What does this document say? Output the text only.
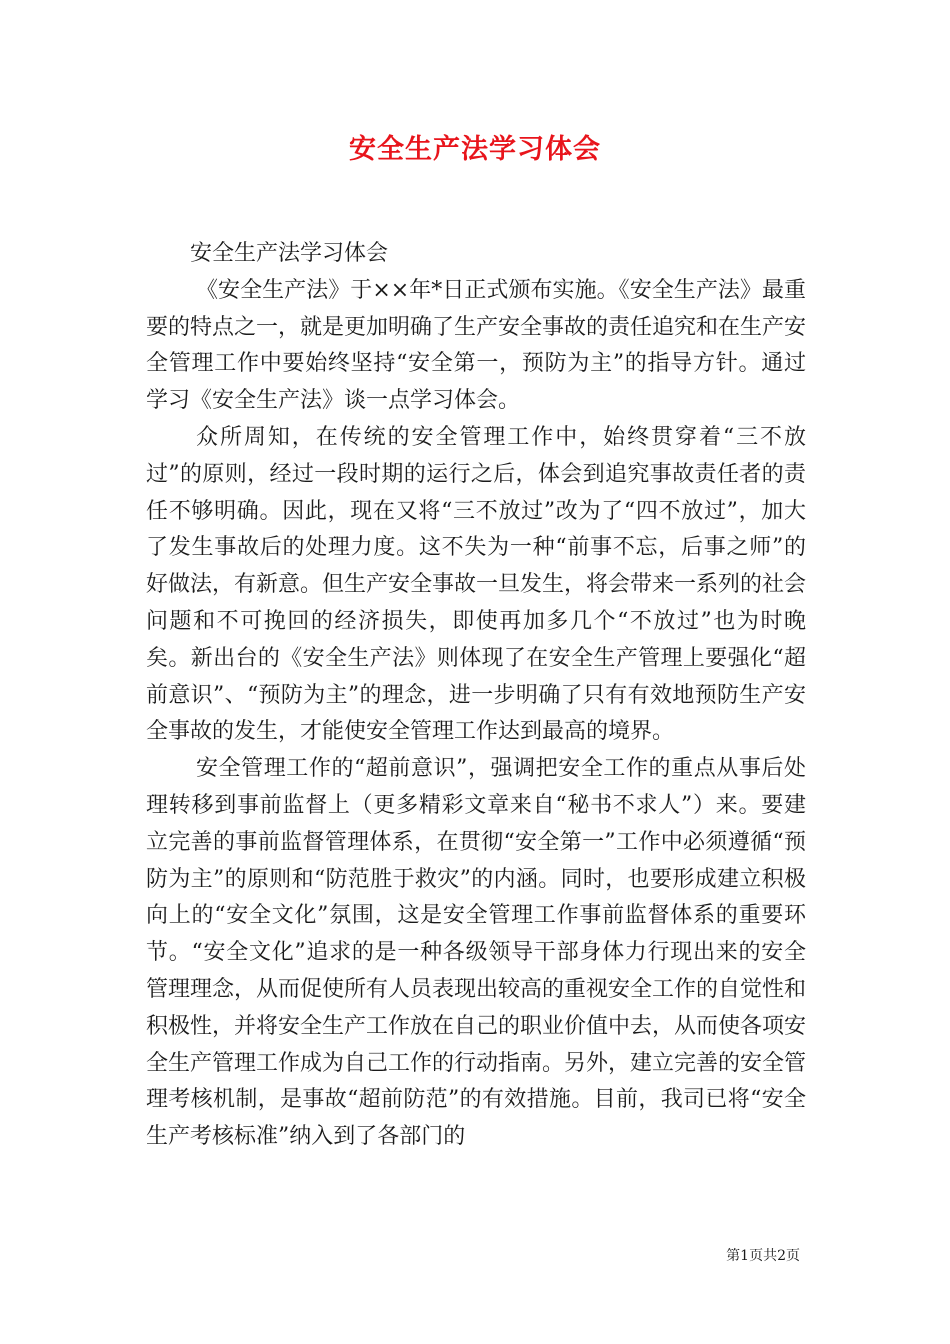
安全生产法学习体会

安全生产法学习体会

《安全生产法》于××年*日正式颁布实施。《安全生产法》最重要的特点之一，就是更加明确了生产安全事故的责任追究和在生产安全管理工作中要始终坚持“安全第一，预防为主”的指导方针。通过学习《安全生产法》谈一点学习体会。

众所周知，在传统的安全管理工作中，始终贯穿着“三不放过”的原则，经过一段时期的运行之后，体会到追究事故责任者的责任不够明确。因此，现在又将“三不放过”改为了“四不放过”，加大了发生事故后的处理力度。这不失为一种“前事不忘，后事之师”的好做法，有新意。但生产安全事故一旦发生，将会带来一系列的社会问题和不可挽回的经济损失，即使再加多几个“不放过”也为时晚矣。新出台的《安全生产法》则体现了在安全生产管理上要强化“超前意识”、“预防为主”的理念，进一步明确了只有有效地预防生产安全事故的发生，才能使安全管理工作达到最高的境界。

安全管理工作的“超前意识”，强调把安全工作的重点从事后处理转移到事前监督上（更多精彩文章来自“秘书不求人”）来。要建立完善的事前监督管理体系，在贯彻“安全第一”工作中必须遵循“预防为主”的原则和“防范胜于救灾”的内涵。同时，也要形成建立积极向上的“安全文化”氛围，这是安全管理工作事前监督体系的重要环节。“安全文化”追求的是一种各级领导干部身体力行现出来的安全管理理念，从而促使所有人员表现出较高的重视安全工作的自觉性和积极性，并将安全生产工作放在自己的职业价值中去，从而使各项安全生产管理工作成为自己工作的行动指南。另外，建立完善的安全管理考核机制，是事故“超前防范”的有效措施。目前，我司已将“安全生产考核标准”纳入到了各部门的

第1页共2页
